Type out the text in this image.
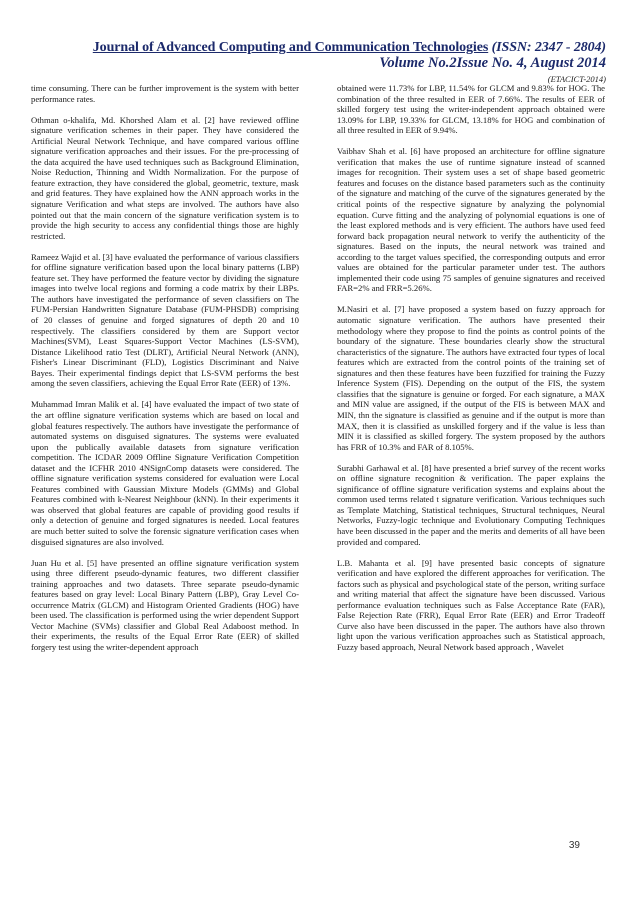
Journal of Advanced Computing and Communication Technologies (ISSN: 2347 - 2804)
Volume No.2Issue No. 4, August 2014
(ETACICT-2014)

time consuming. There can be further improvement is the system with better performance rates.

Othman o-khalifa, Md. Khorshed Alam et al. [2] have reviewed offline signature verification schemes in their paper. They have considered the Artificial Neural Network Technique, and have compared various offline signature verification approaches and their issues. For the pre-processing of the data acquired the have used techniques such as Background Elimination, Noise Reduction, Thinning and Width Normalization. For the purpose of feature extraction, they have considered the global, geometric, texture, mask and grid features. They have explained how the ANN approach works in the signature Verification and what steps are involved. The authors have also pointed out that the main concern of the signature verification system is to provide the high security to access any confidential things those are highly restricted.

Rameez Wajid et al. [3] have evaluated the performance of various classifiers for offline signature verification based upon the local binary patterns (LBP) feature set. They have performed the feature vector by dividing the signature images into twelve local regions and forming a code matrix by their LBPs. The authors have investigated the performance of seven classifiers on The FUM-Persian Handwritten Signature Database (FUM-PHSDB) comprising of 20 classes of genuine and forged signatures of depth 20 and 10 respectively. The classifiers considered by them are Support vector Machines(SVM), Least Squares-Support Vector Machines (LS-SVM), Distance Likelihood ratio Test (DLRT), Artificial Neural Network (ANN), Fisher's Linear Discriminant (FLD), Logistics Discriminant and Naive Bayes. Their experimental findings depict that LS-SVM performs the best among the seven classifiers, achieving the Equal Error Rate (EER) of 13%.

Muhammad Imran Malik et al. [4] have evaluated the impact of two state of the art offline signature verification systems which are based on local and global features respectively. The authors have investigate the performance of automated systems on disguised signatures. The systems were evaluated upon the publically available datasets from signature verification competition. The ICDAR 2009 Offline Signature Verification Competition dataset and the ICFHR 2010 4NSignComp datasets were considered. The offline signature verification systems considered for evaluation were Local Features combined with Gaussian Mixture Models (GMMs) and Global Features combined with k-Nearest Neighbour (kNN). In their experiments it was observed that global features are capable of providing good results if only a detection of genuine and forged signatures is needed. Local features are much better suited to solve the forensic signature verification cases when disguised signatures are also involved.

Juan Hu et al. [5] have presented an offline signature verification system using three different pseudo-dynamic features, two different classifier training approaches and two datasets. Three separate pseudo-dynamic features based on gray level: Local Binary Pattern (LBP), Gray Level Co-occurrence Matrix (GLCM) and Histogram Oriented Gradients (HOG) have been used. The classification is performed using the wrier dependent Support Vector Machine (SVMs) classifier and Global Real Adaboost method. In their experiments, the results of the Equal Error Rate (EER) of skilled forgery test using the writer-dependent approach

obtained were 11.73% for LBP, 11.54% for GLCM and 9.83% for HOG. The combination of the three resulted in EER of 7.66%. The results of EER of skilled forgery test using the writer-independent approach obtained were 13.09% for LBP, 19.33% for GLCM, 13.18% for HOG and combination of all three resulted in EER of 9.94%.

Vaibhav Shah et al. [6] have proposed an architecture for offline signature verification that makes the use of runtime signature instead of scanned images for recognition. Their system uses a set of shape based geometric features and focuses on the distance based parameters such as the continuity of the signature and matching of the curve of the signatures generated by the critical points of the respective signature by analyzing the polynomial equation. Curve fitting and the analyzing of polynomial equations is one of the least explored methods and is very efficient. The authors have used feed forward back propagation neural network to verify the authenticity of the signatures. Based on the inputs, the neural network was trained and according to the target values specified, the corresponding outputs and error values are obtained for the particular parameter under test. The authors implemented their code using 75 samples of genuine signatures and received FAR=2% and FRR=5.26%.

M.Nasiri et al. [7] have proposed a system based on fuzzy approach for automatic signature verification. The authors have presented their methodology where they propose to find the points as control points of the boundary of the signature. These boundaries clearly show the structural characteristics of the signature. The authors have extracted four types of local features which are extracted from the control points of the training set of signatures and then these features have been fuzzified for training the Fuzzy Inference System (FIS). Depending on the output of the FIS, the system classifies that the signature is genuine or forged. For each signature, a MAX and MIN value are assigned, if the output of the FIS is between MAX and MIN, thn the signature is classified as genuine and if the output is more than MAX, then it is classified as unskilled forgery and if the value is less than MIN it is classified as skilled forgery. The system proposed by the authors has FRR of 10.3% and FAR of 8.105%.

Surabhi Garhawal et al. [8] have presented a brief survey of the recent works on offline signature recognition & verification. The paper explains the significance of offline signature verification systems and explains about the common used terms related t signature verification. Various techniques such as Template Matching, Statistical techniques, Structural techniques, Neural Networks, Fuzzy-logic technique and Evolutionary Computing Techniques have been discussed in the paper and the merits and demerits of all have been provided and compared.

L.B. Mahanta et al. [9] have presented basic concepts of signature verification and have explored the different approaches for verification. The factors such as physical and psychological state of the person, writing surface and writing material that affect the signature have been discussed. Various performance evaluation techniques such as False Acceptance Rate (FAR), False Rejection Rate (FRR), Equal Error Rate (EER) and Error Tradeoff Curve also have been discussed in the paper. The authors have also thrown light upon the various verification approaches such as Statistical approach, Fuzzy based approach, Neural Network based approach , Wavelet

39
